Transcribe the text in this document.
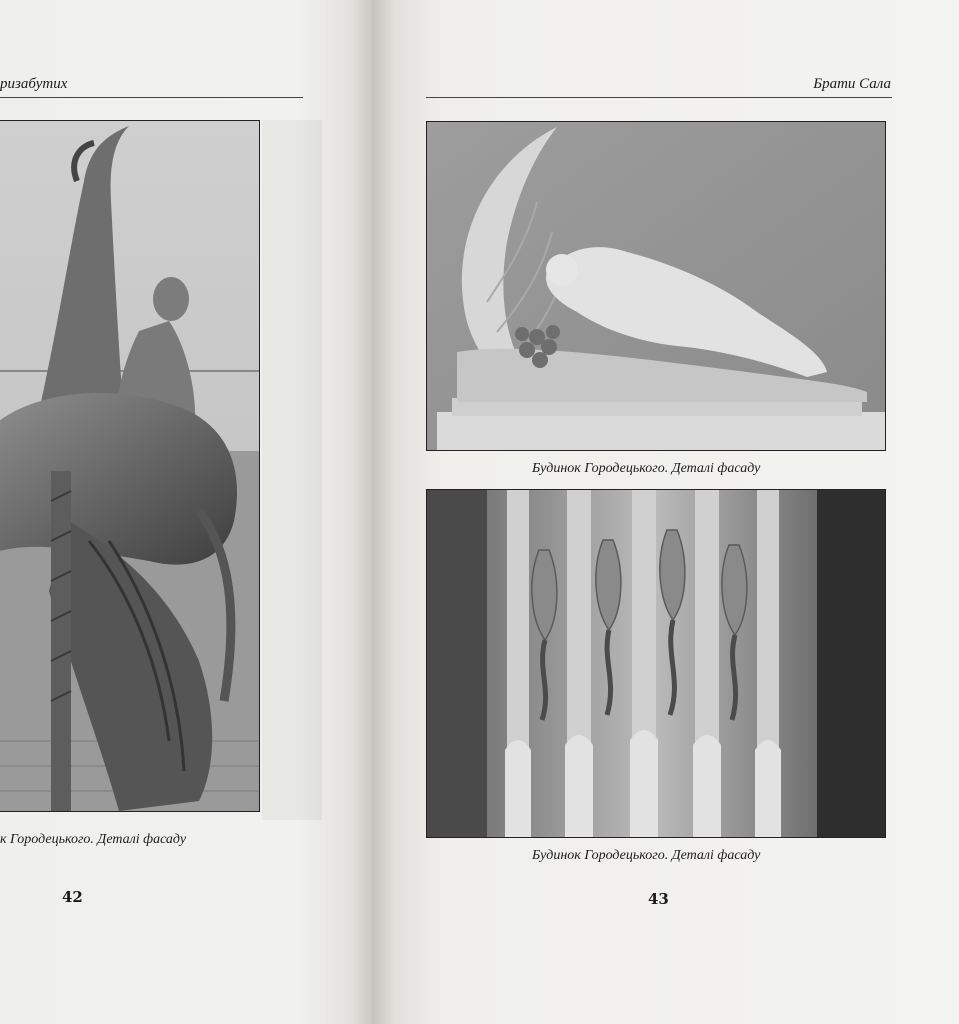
ризабутих
к Городецького. Деталі фасаду
42
Брати Сала
Будинок Городецького. Деталі фасаду
Будинок Городецького. Деталі фасаду
43
